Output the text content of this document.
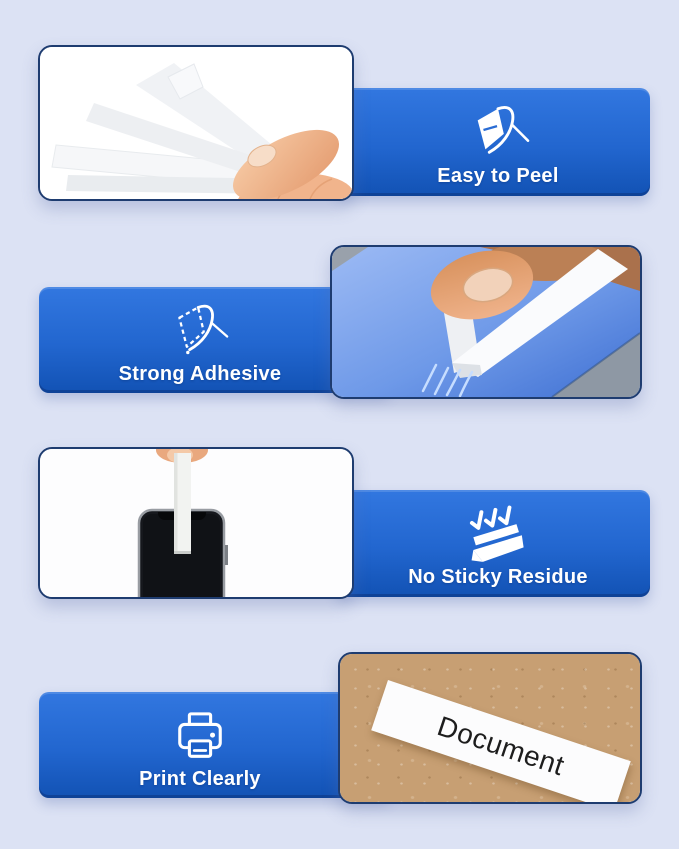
Easy to Peel
Strong Adhesive
No Sticky Residue
Print Clearly	Document
